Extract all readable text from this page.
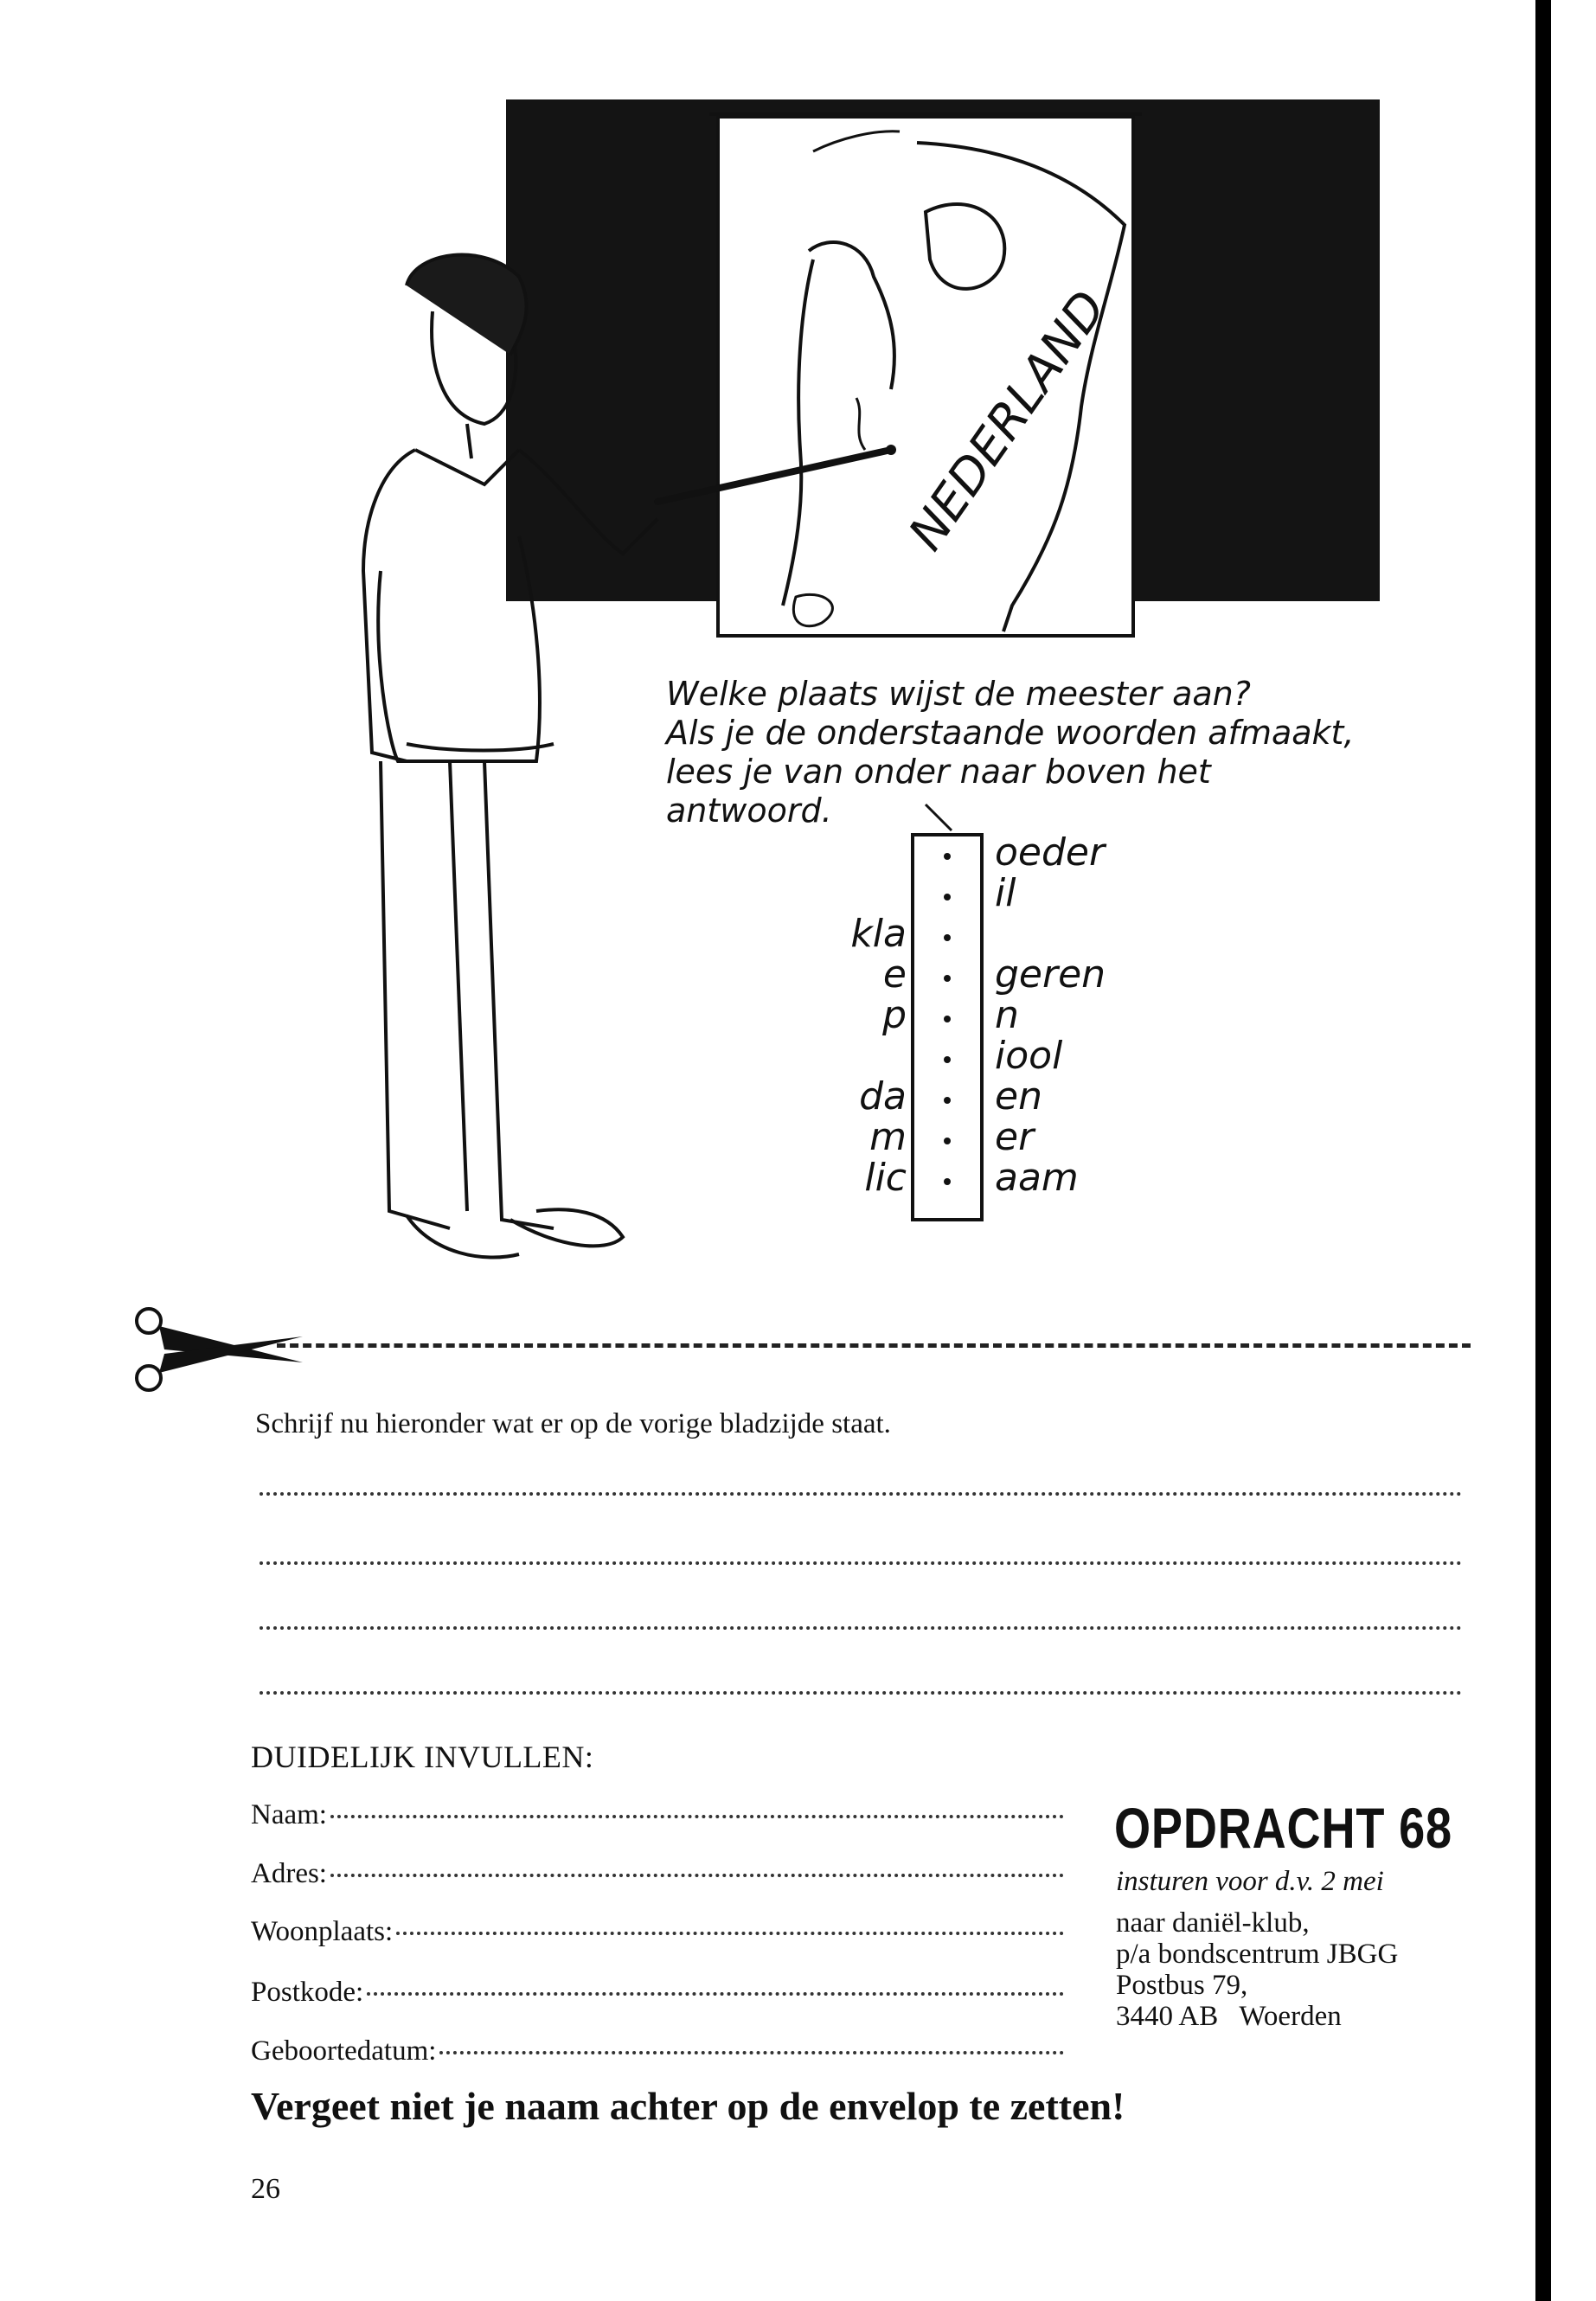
NEDERLAND
Welke plaats wijst de meester aan?
Als je de onderstaande woorden afmaakt,
lees je van onder naar boven het
antwoord.
oeder
il
kla
e geren
p n
iool
da en
m er
lic aam
Schrijf nu hieronder wat er op de vorige bladzijde staat.
DUIDELIJK INVULLEN:
Naam:
Adres:
Woonplaats:
Postkode:
Geboortedatum:
OPDRACHT 68
insturen voor d.v. 2 mei
naar daniël-klub,
p/a bondscentrum JBGG
Postbus 79,
3440 AB   Woerden
Vergeet niet je naam achter op de envelop te zetten!
26
